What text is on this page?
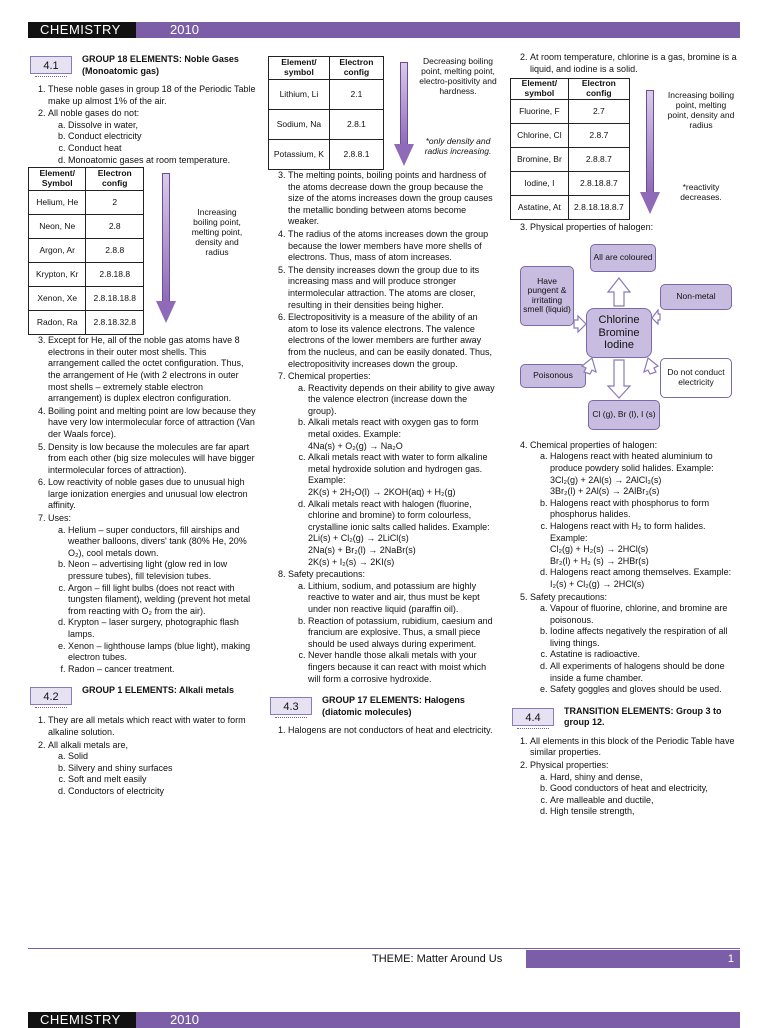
CHEMISTRY	2010
4.1
GROUP 18 ELEMENTS: Noble Gases (Monoatomic gas)
1. These noble gases in group 18 of the Periodic Table make up almost 1% of the air.
2. All noble gases do not:
a. Dissolve in water,
b. Conduct electricity
c. Conduct heat
d. Monoatomic gases at room temperature.
Element/ Symbol	Electron config
Helium, He	2
Neon, Ne	2.8
Argon, Ar	2.8.8
Krypton, Kr	2.8.18.8
Xenon, Xe	2.8.18.18.8
Radon, Ra	2.8.18.32.8
Increasing boiling point, melting point, density and radius
3. Except for He, all of the noble gas atoms have 8 electrons in their outer most shells. This arrangement called the octet configuration. Thus, the arrangement of He (with 2 electrons in outer most shells – extremely stable electron arrangement) is duplex electron configuration.
4. Boiling point and melting point are low because they have very low intermolecular force of attraction (Van der Waals force).
5. Density is low because the molecules are far apart from each other (big size molecules will have bigger intermolecular forces of attraction).
6. Low reactivity of noble gases due to unusual high large ionization energies and unusual low electron affinity.
7. Uses:
a. Helium – super conductors, fill airships and weather balloons, divers' tank (80% He, 20% O₂), cool metals down.
b. Neon – advertising light (glow red in low pressure tubes), fill television tubes.
c. Argon – fill light bulbs (does not react with tungsten filament), welding (prevent hot metal from reacting with O₂ from the air).
d. Krypton – laser surgery, photographic flash lamps.
e. Xenon – lighthouse lamps (blue light), making electron tubes.
f. Radon – cancer treatment.
4.2
GROUP 1 ELEMENTS: Alkali metals
1. They are all metals which react with water to form alkaline solution.
2. All alkali metals are,
a. Solid
b. Silvery and shiny surfaces
c. Soft and melt easily
d. Conductors of electricity
Element/ symbol	Electron config
Lithium, Li	2.1
Sodium, Na	2.8.1
Potassium, K	2.8.8.1
Decreasing boiling point, melting point, electro-positivity and hardness.
*only density and radius increasing.
3. The melting points, boiling points and hardness of the atoms decrease down the group because the size of the atoms increases down the group causes the metallic bonding between atoms become weaker.
4. The radius of the atoms increases down the group because the lower members have more shells of electrons. Thus, mass of atom increases.
5. The density increases down the group due to its increasing mass and will produce stronger intermolecular attraction. The atoms are closer, resulting in their densities being higher.
6. Electropositivity is a measure of the ability of an atom to lose its valence electrons. The valence electrons of the lower members are further away from the nucleus, and can be easily donated. Thus, electropositivity increases down the group.
7. Chemical properties:
a. Reactivity depends on their ability to give away the valence electron (increase down the group).
b. Alkali metals react with oxygen gas to form metal oxides. Example:
4Na(s) + O₂(g) → Na₂O
c. Alkali metals react with water to form alkaline metal hydroxide solution and hydrogen gas. Example:
2K(s) + 2H₂O(l) → 2KOH(aq) + H₂(g)
d. Alkali metals react with halogen (fluorine, chlorine and bromine) to form colourless, crystalline ionic salts called halides. Example:
2Li(s) + Cl₂(g) → 2LiCl(s)
2Na(s) + Br₂(l) → 2NaBr(s)
2K(s) + I₂(s) → 2KI(s)
8. Safety precautions:
a. Lithium, sodium, and potassium are highly reactive to water and air, thus must be kept under non reactive liquid (paraffin oil).
b. Reaction of potassium, rubidium, caesium and francium are explosive. Thus, a small piece should be used always during experiment.
c. Never handle those alkali metals with your fingers because it can react with moist which will form a corrosive hydroxide.
4.3
GROUP 17 ELEMENTS: Halogens (diatomic molecules)
1. Halogens are not conductors of heat and electricity.
2. At room temperature, chlorine is a gas, bromine is a liquid, and iodine is a solid.
Element/ symbol	Electron config
Fluorine, F	2.7
Chlorine, Cl	2.8.7
Bromine, Br	2.8.8.7
Iodine, I	2.8.18.8.7
Astatine, At	2.8.18.18.8.7
Increasing boiling point, melting point, density and radius
*reactivity decreases.
3. Physical properties of halogen:
Chlorine Bromine Iodine
All are coloured
Have pungent & irritating smell (liquid)
Non-metal
Poisonous	Do not conduct electricity
Cl (g), Br (l), I (s)
4. Chemical properties of halogen:
a. Halogens react with heated aluminium to produce powdery solid halides. Example:
3Cl₂(g) + 2Al(s) → 2AlCl₃(s)
3Br₂(l) + 2Al(s) → 2AlBr₃(s)
b. Halogens react with phosphorus to form phosphorus halides.
c. Halogens react with H₂ to form halides. Example:
Cl₂(g) + H₂(s) → 2HCl(s)
Br₂(l) + H₂ (s) → 2HBr(s)
d. Halogens react among themselves. Example:
I₂(s) + Cl₂(g) → 2HCl(s)
5. Safety precautions:
a. Vapour of fluorine, chlorine, and bromine are poisonous.
b. Iodine affects negatively the respiration of all living things.
c. Astatine is radioactive.
d. All experiments of halogens should be done inside a fume chamber.
e. Safety goggles and gloves should be used.
4.4
TRANSITION ELEMENTS: Group 3 to group 12.
1. All elements in this block of the Periodic Table have similar properties.
2. Physical properties:
a. Hard, shiny and dense,
b. Good conductors of heat and electricity,
c. Are malleable and ductile,
d. High tensile strength,
THEME: Matter Around Us	1
CHEMISTRY	2010
